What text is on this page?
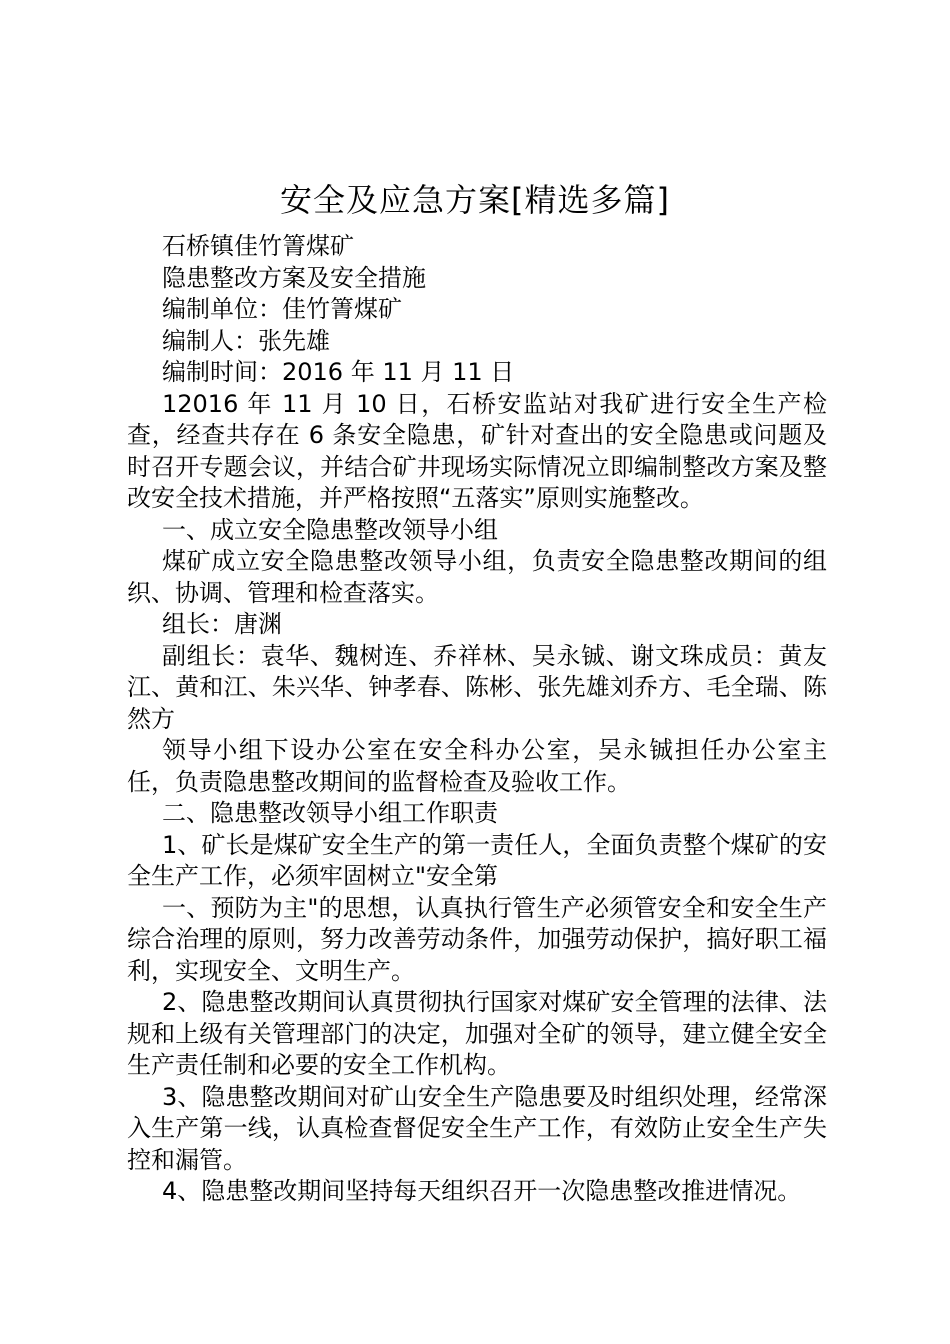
安全及应急方案[精选多篇]

石桥镇佳竹箐煤矿

隐患整改方案及安全措施

编制单位：佳竹箐煤矿

编制人：张先雄

编制时间：2016 年 11 月 11 日

12016 年 11 月 10 日，石桥安监站对我矿进行安全生产检查，经查共存在 6 条安全隐患，矿针对查出的安全隐患或问题及时召开专题会议，并结合矿井现场实际情况立即编制整改方案及整改安全技术措施，并严格按照“五落实”原则实施整改。

一、成立安全隐患整改领导小组

煤矿成立安全隐患整改领导小组，负责安全隐患整改期间的组织、协调、管理和检查落实。

组长：唐渊

副组长：袁华、魏树连、乔祥林、吴永铖、谢文珠成员：黄友江、黄和江、朱兴华、钟孝春、陈彬、张先雄刘乔方、毛全瑞、陈然方

领导小组下设办公室在安全科办公室，吴永铖担任办公室主任，负责隐患整改期间的监督检查及验收工作。

二、隐患整改领导小组工作职责

1、矿长是煤矿安全生产的第一责任人，全面负责整个煤矿的安全生产工作，必须牢固树立"安全第

一、预防为主"的思想，认真执行管生产必须管安全和安全生产综合治理的原则，努力改善劳动条件，加强劳动保护，搞好职工福利，实现安全、文明生产。

2、隐患整改期间认真贯彻执行国家对煤矿安全管理的法律、法规和上级有关管理部门的决定，加强对全矿的领导，建立健全安全生产责任制和必要的安全工作机构。

3、隐患整改期间对矿山安全生产隐患要及时组织处理，经常深入生产第一线，认真检查督促安全生产工作，有效防止安全生产失控和漏管。

4、隐患整改期间坚持每天组织召开一次隐患整改推进情况。
